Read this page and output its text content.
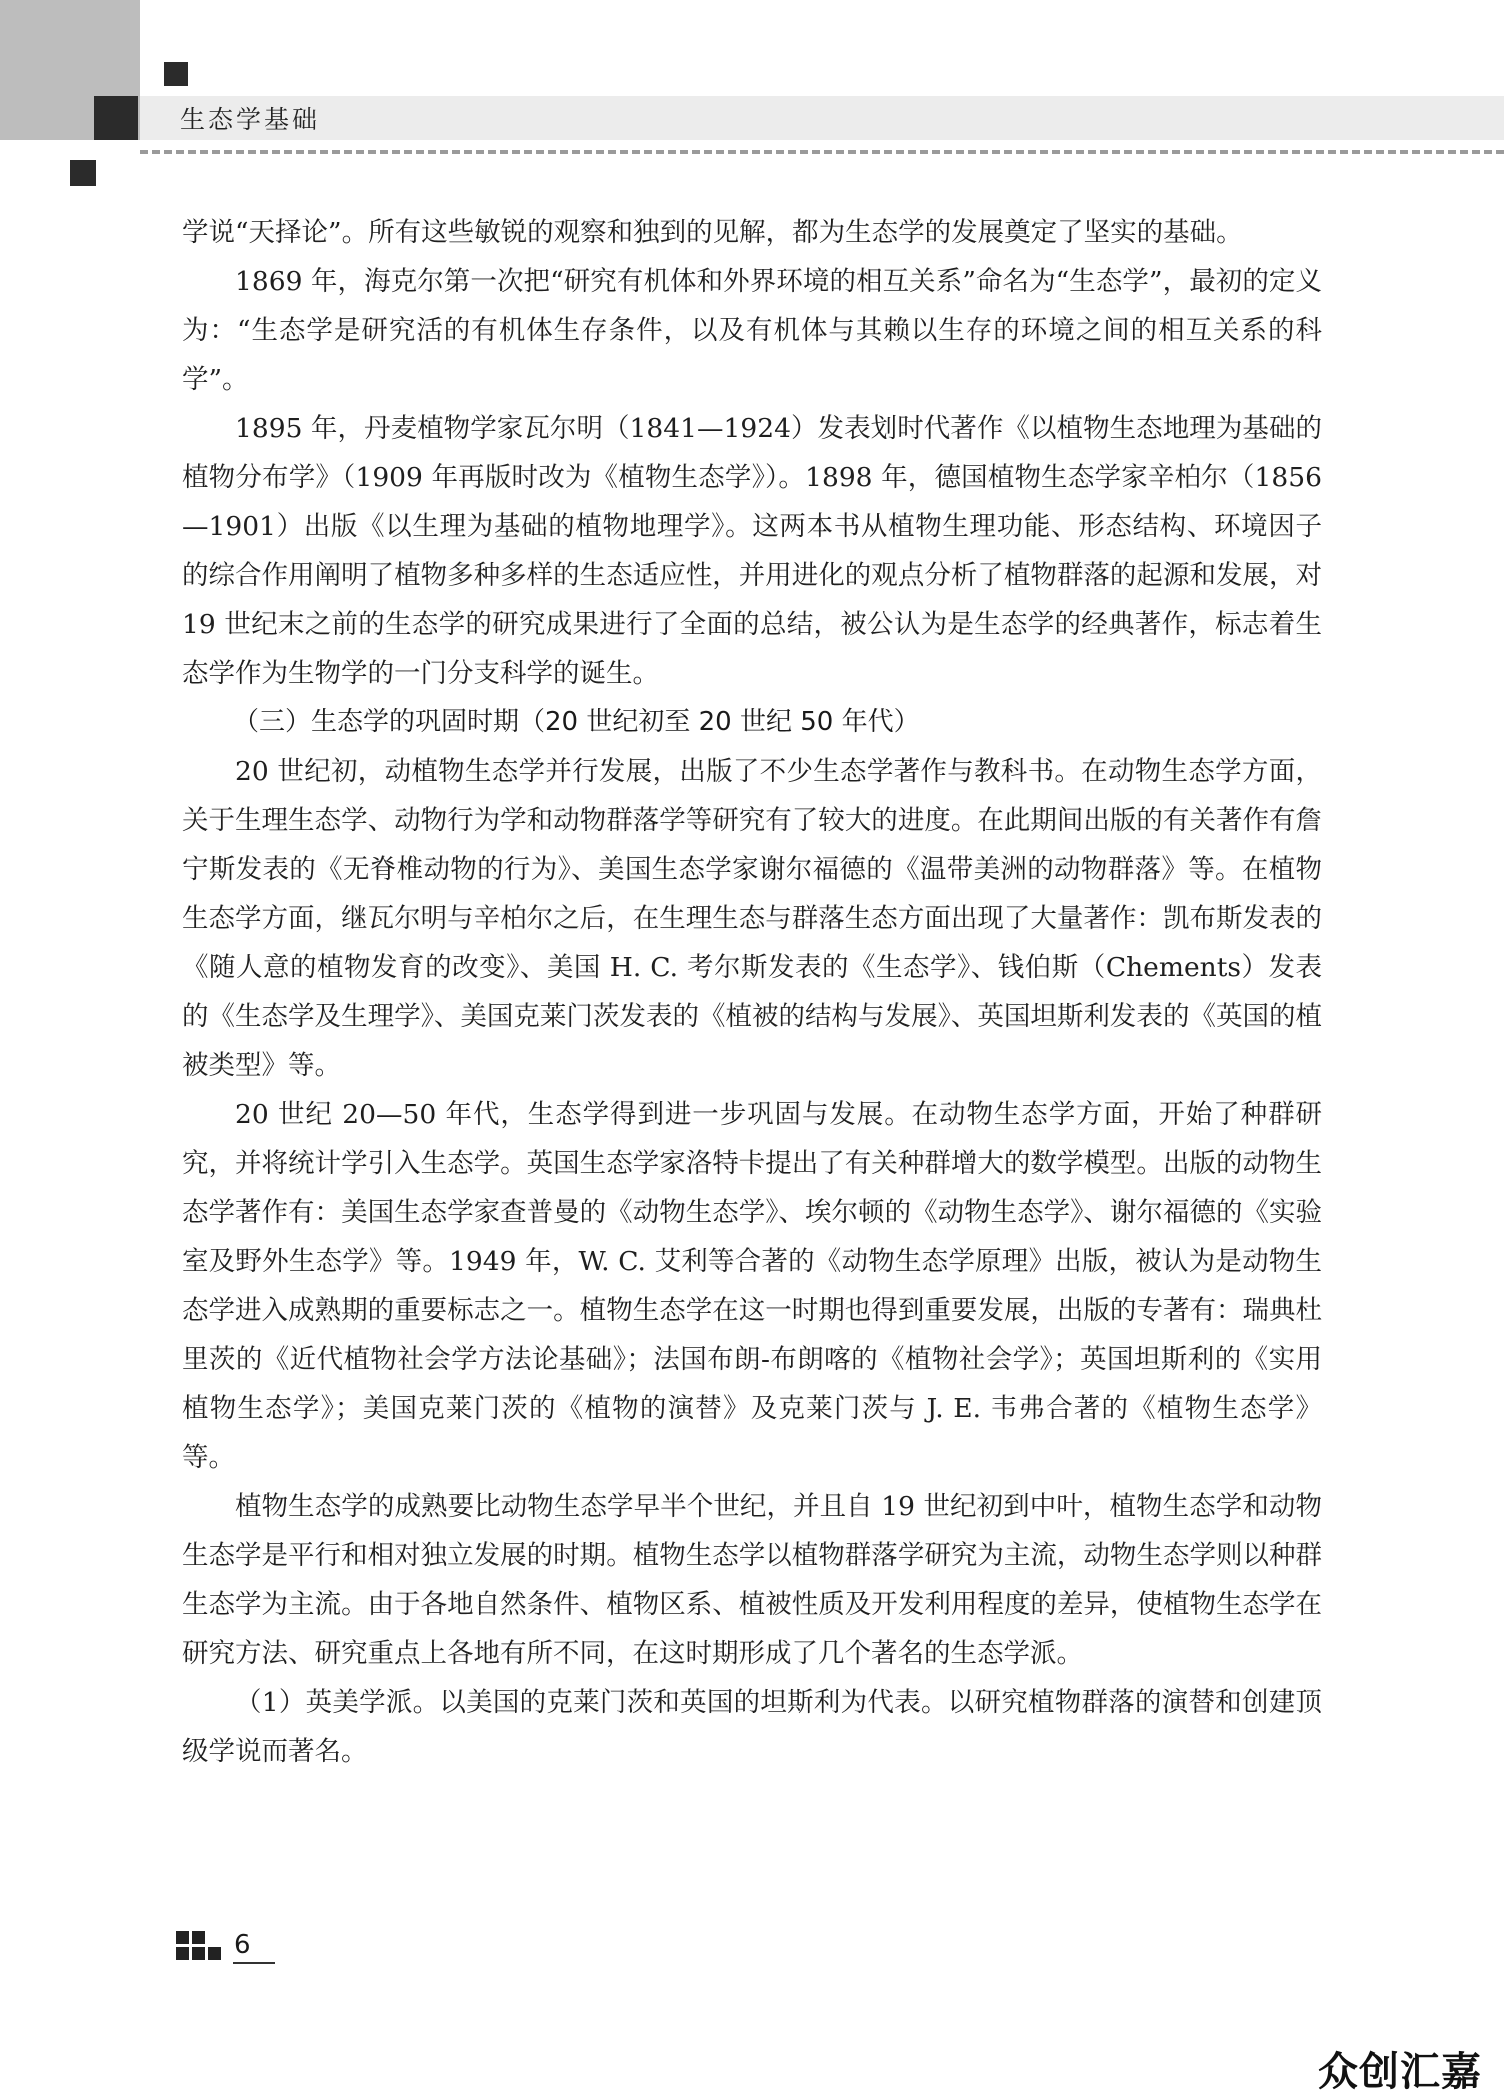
生态学基础

学说“天择论”。所有这些敏锐的观察和独到的见解，都为生态学的发展奠定了坚实的基础。

1869 年，海克尔第一次把“研究有机体和外界环境的相互关系”命名为“生态学”，最初的定义为：“生态学是研究活的有机体生存条件，以及有机体与其赖以生存的环境之间的相互关系的科学”。

1895 年，丹麦植物学家瓦尔明（1841—1924）发表划时代著作《以植物生态地理为基础的植物分布学》（1909 年再版时改为《植物生态学》）。1898 年，德国植物生态学家辛柏尔（1856—1901）出版《以生理为基础的植物地理学》。这两本书从植物生理功能、形态结构、环境因子的综合作用阐明了植物多种多样的生态适应性，并用进化的观点分析了植物群落的起源和发展，对 19 世纪末之前的生态学的研究成果进行了全面的总结，被公认为是生态学的经典著作，标志着生态学作为生物学的一门分支科学的诞生。

（三）生态学的巩固时期（20 世纪初至 20 世纪 50 年代）

20 世纪初，动植物生态学并行发展，出版了不少生态学著作与教科书。在动物生态学方面，关于生理生态学、动物行为学和动物群落学等研究有了较大的进度。在此期间出版的有关著作有詹宁斯发表的《无脊椎动物的行为》、美国生态学家谢尔福德的《温带美洲的动物群落》等。在植物生态学方面，继瓦尔明与辛柏尔之后，在生理生态与群落生态方面出现了大量著作：凯布斯发表的《随人意的植物发育的改变》、美国 H. C. 考尔斯发表的《生态学》、钱伯斯（Chements）发表的《生态学及生理学》、美国克莱门茨发表的《植被的结构与发展》、英国坦斯利发表的《英国的植被类型》等。

20 世纪 20—50 年代，生态学得到进一步巩固与发展。在动物生态学方面，开始了种群研究，并将统计学引入生态学。英国生态学家洛特卡提出了有关种群增大的数学模型。出版的动物生态学著作有：美国生态学家查普曼的《动物生态学》、埃尔顿的《动物生态学》、谢尔福德的《实验室及野外生态学》等。1949 年，W. C. 艾利等合著的《动物生态学原理》出版，被认为是动物生态学进入成熟期的重要标志之一。植物生态学在这一时期也得到重要发展，出版的专著有：瑞典杜里茨的《近代植物社会学方法论基础》；法国布朗-布朗喀的《植物社会学》；英国坦斯利的《实用植物生态学》；美国克莱门茨的《植物的演替》及克莱门茨与 J. E. 韦弗合著的《植物生态学》等。

植物生态学的成熟要比动物生态学早半个世纪，并且自 19 世纪初到中叶，植物生态学和动物生态学是平行和相对独立发展的时期。植物生态学以植物群落学研究为主流，动物生态学则以种群生态学为主流。由于各地自然条件、植物区系、植被性质及开发利用程度的差异，使植物生态学在研究方法、研究重点上各地有所不同，在这时期形成了几个著名的生态学派。

（1）英美学派。以美国的克莱门茨和英国的坦斯利为代表。以研究植物群落的演替和创建顶级学说而著名。

6
众创汇嘉
